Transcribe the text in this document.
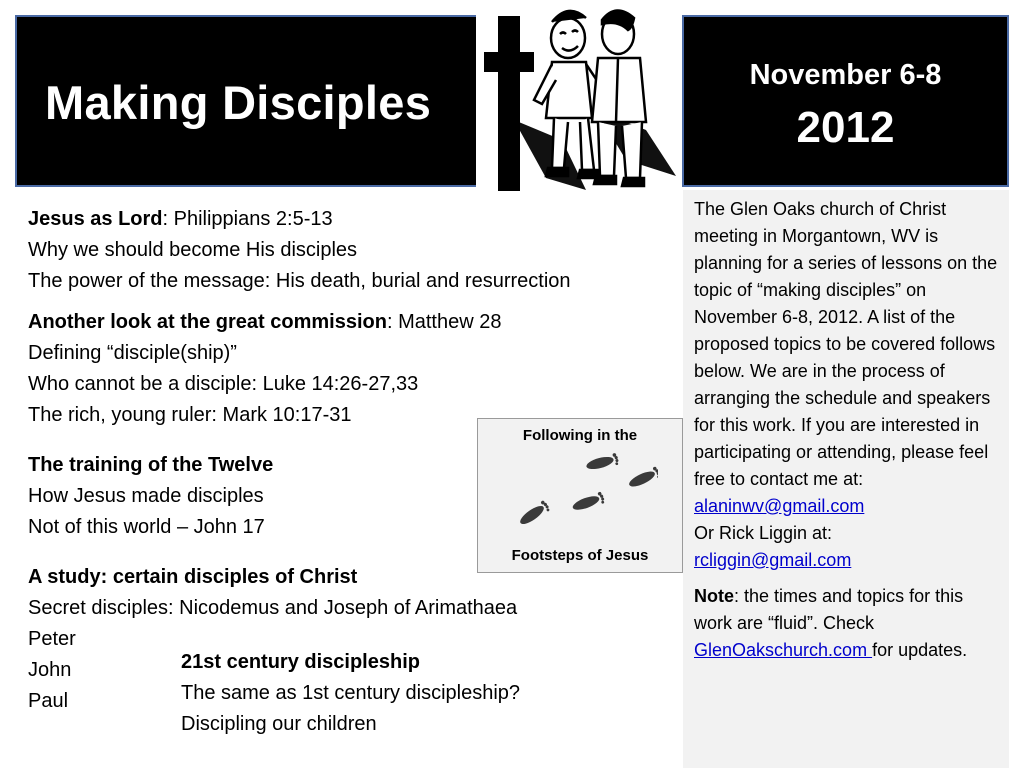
Making Disciples
November 6-8
2012

The Glen Oaks church of Christ meeting in Morgantown, WV is planning for a series of lessons on the topic of “making disciples” on November 6-8, 2012. A list of the proposed topics to be covered follows below. We are in the process of arranging the schedule and speakers for this work. If you are interested in participating or attending, please feel free to contact me at:
alaninwv@gmail.com
Or Rick Liggin at:
rcliggin@gmail.com

Note: the times and topics for this work are “fluid”. Check GlenOakschurch.com for updates.

Jesus as Lord: Philippians 2:5-13
Why we should become His disciples
The power of the message: His death, burial and resurrection
Another look at the great commission: Matthew 28
Defining “disciple(ship)”
Who cannot be a disciple: Luke 14:26-27,33
The rich, young ruler: Mark 10:17-31
The training of the Twelve
How Jesus made disciples
Not of this world – John 17
A study: certain disciples of Christ
Secret disciples: Nicodemus and Joseph of Arimathaea
Peter
John
Paul
21st century discipleship
The same as 1st century discipleship?
Discipling our children
Following in the
Footsteps of Jesus
